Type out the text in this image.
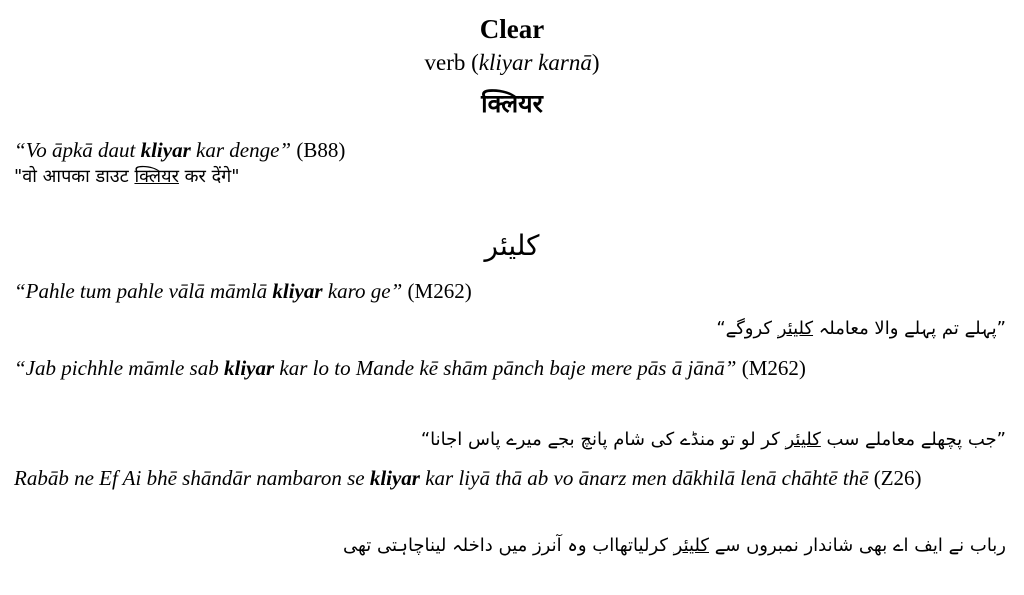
Clear
verb (kliyar karnā)
क्लियर
“Vo āpkā daut kliyar kar denge” (B88)
"वो आपका डाउट क्लियर कर देंगे"
کلیئر
“Pahle tum pahle vālā māmlā kliyar karo ge” (M262)
”پہلے تم پہلے والا معاملہ کلیئر کروگے“
“Jab pichhle māmle sab kliyar kar lo to Mande kē shām pānch baje mere pās ā jānā” (M262)
”جب پچھلے معاملے سب کلیئر کر لو تو منڈے کی شام پانچ بجے میرے پاس اجانا“
Rabāb ne Ef Ai bhē shāndār nambaron se kliyar kar liyā thā ab vo ānarz men dākhilā lenā chāhtē thē (Z26)
رباب نے ایف اے بھی شاندار نمبروں سے کلیئر کرلیاتھااب وہ آنرز میں داخلہ لیناچاہتی تھی
